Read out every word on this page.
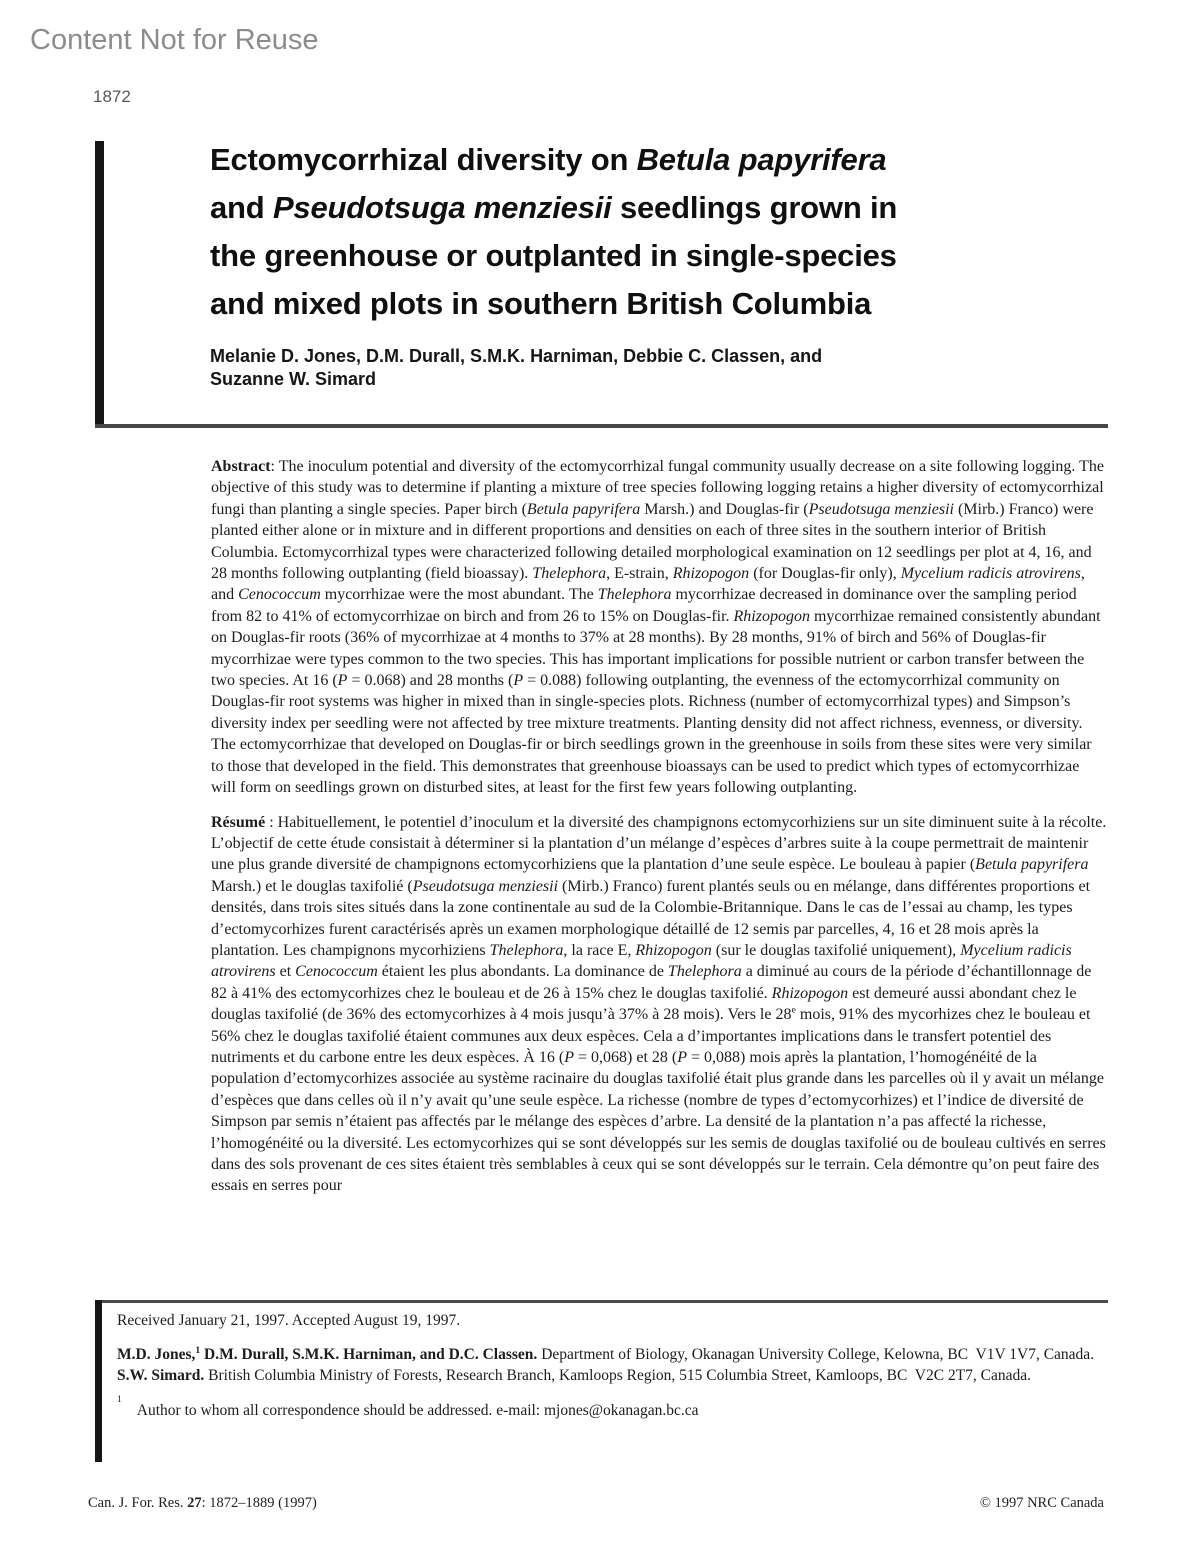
Content Not for Reuse
1872
Ectomycorrhizal diversity on Betula papyrifera
and Pseudotsuga menziesii seedlings grown in
the greenhouse or outplanted in single-species
and mixed plots in southern British Columbia
Melanie D. Jones, D.M. Durall, S.M.K. Harniman, Debbie C. Classen, and
Suzanne W. Simard

Abstract: The inoculum potential and diversity of the ectomycorrhizal fungal community usually decrease on a site following logging. The objective of this study was to determine if planting a mixture of tree species following logging retains a higher diversity of ectomycorrhizal fungi than planting a single species. Paper birch (Betula papyrifera Marsh.) and Douglas-fir (Pseudotsuga menziesii (Mirb.) Franco) were planted either alone or in mixture and in different proportions and densities on each of three sites in the southern interior of British Columbia. Ectomycorrhizal types were characterized following detailed morphological examination on 12 seedlings per plot at 4, 16, and 28 months following outplanting (field bioassay). Thelephora, E-strain, Rhizopogon (for Douglas-fir only), Mycelium radicis atrovirens, and Cenococcum mycorrhizae were the most abundant. The Thelephora mycorrhizae decreased in dominance over the sampling period from 82 to 41% of ectomycorrhizae on birch and from 26 to 15% on Douglas-fir. Rhizopogon mycorrhizae remained consistently abundant on Douglas-fir roots (36% of mycorrhizae at 4 months to 37% at 28 months). By 28 months, 91% of birch and 56% of Douglas-fir mycorrhizae were types common to the two species. This has important implications for possible nutrient or carbon transfer between the two species. At 16 (P = 0.068) and 28 months (P = 0.088) following outplanting, the evenness of the ectomycorrhizal community on Douglas-fir root systems was higher in mixed than in single-species plots. Richness (number of ectomycorrhizal types) and Simpson’s diversity index per seedling were not affected by tree mixture treatments. Planting density did not affect richness, evenness, or diversity. The ectomycorrhizae that developed on Douglas-fir or birch seedlings grown in the greenhouse in soils from these sites were very similar to those that developed in the field. This demonstrates that greenhouse bioassays can be used to predict which types of ectomycorrhizae will form on seedlings grown on disturbed sites, at least for the first few years following outplanting.

Résumé : Habituellement, le potentiel d’inoculum et la diversité des champignons ectomycorhiziens sur un site diminuent suite à la récolte. L’objectif de cette étude consistait à déterminer si la plantation d’un mélange d’espèces d’arbres suite à la coupe permettrait de maintenir une plus grande diversité de champignons ectomycorhiziens que la plantation d’une seule espèce. Le bouleau à papier (Betula papyrifera Marsh.) et le douglas taxifolié (Pseudotsuga menziesii (Mirb.) Franco) furent plantés seuls ou en mélange, dans différentes proportions et densités, dans trois sites situés dans la zone continentale au sud de la Colombie-Britannique. Dans le cas de l’essai au champ, les types d’ectomycorhizes furent caractérisés après un examen morphologique détaillé de 12 semis par parcelles, 4, 16 et 28 mois après la plantation. Les champignons mycorhiziens Thelephora, la race E, Rhizopogon (sur le douglas taxifolié uniquement), Mycelium radicis atrovirens et Cenococcum étaient les plus abondants. La dominance de Thelephora a diminué au cours de la période d’échantillonnage de 82 à 41% des ectomycorhizes chez le bouleau et de 26 à 15% chez le douglas taxifolié. Rhizopogon est demeuré aussi abondant chez le douglas taxifolié (de 36% des ectomycorhizes à 4 mois jusqu’à 37% à 28 mois). Vers le 28e mois, 91% des mycorhizes chez le bouleau et 56% chez le douglas taxifolié étaient communes aux deux espèces. Cela a d’importantes implications dans le transfert potentiel des nutriments et du carbone entre les deux espèces. À 16 (P = 0,068) et 28 (P = 0,088) mois après la plantation, l’homogénéité de la population d’ectomycorhizes associée au système racinaire du douglas taxifolié était plus grande dans les parcelles où il y avait un mélange d’espèces que dans celles où il n’y avait qu’une seule espèce. La richesse (nombre de types d’ectomycorhizes) et l’indice de diversité de Simpson par semis n’étaient pas affectés par le mélange des espèces d’arbre. La densité de la plantation n’a pas affecté la richesse, l’homogénéité ou la diversité. Les ectomycorhizes qui se sont développés sur les semis de douglas taxifolié ou de bouleau cultivés en serres dans des sols provenant de ces sites étaient très semblables à ceux qui se sont développés sur le terrain. Cela démontre qu’on peut faire des essais en serres pour

Received January 21, 1997. Accepted August 19, 1997.

M.D. Jones,$^1$ D.M. Durall, S.M.K. Harniman, and D.C. Classen. Department of Biology, Okanagan University College, Kelowna, BC  V1V 1V7, Canada.

S.W. Simard. British Columbia Ministry of Forests, Research Branch, Kamloops Region, 515 Columbia Street, Kamloops, BC  V2C 2T7, Canada.

1
Author to whom all correspondence should be addressed. e-mail: mjones@okanagan.bc.ca

Can. J. For. Res. 27: 1872–1889 (1997)	© 1997 NRC Canada
